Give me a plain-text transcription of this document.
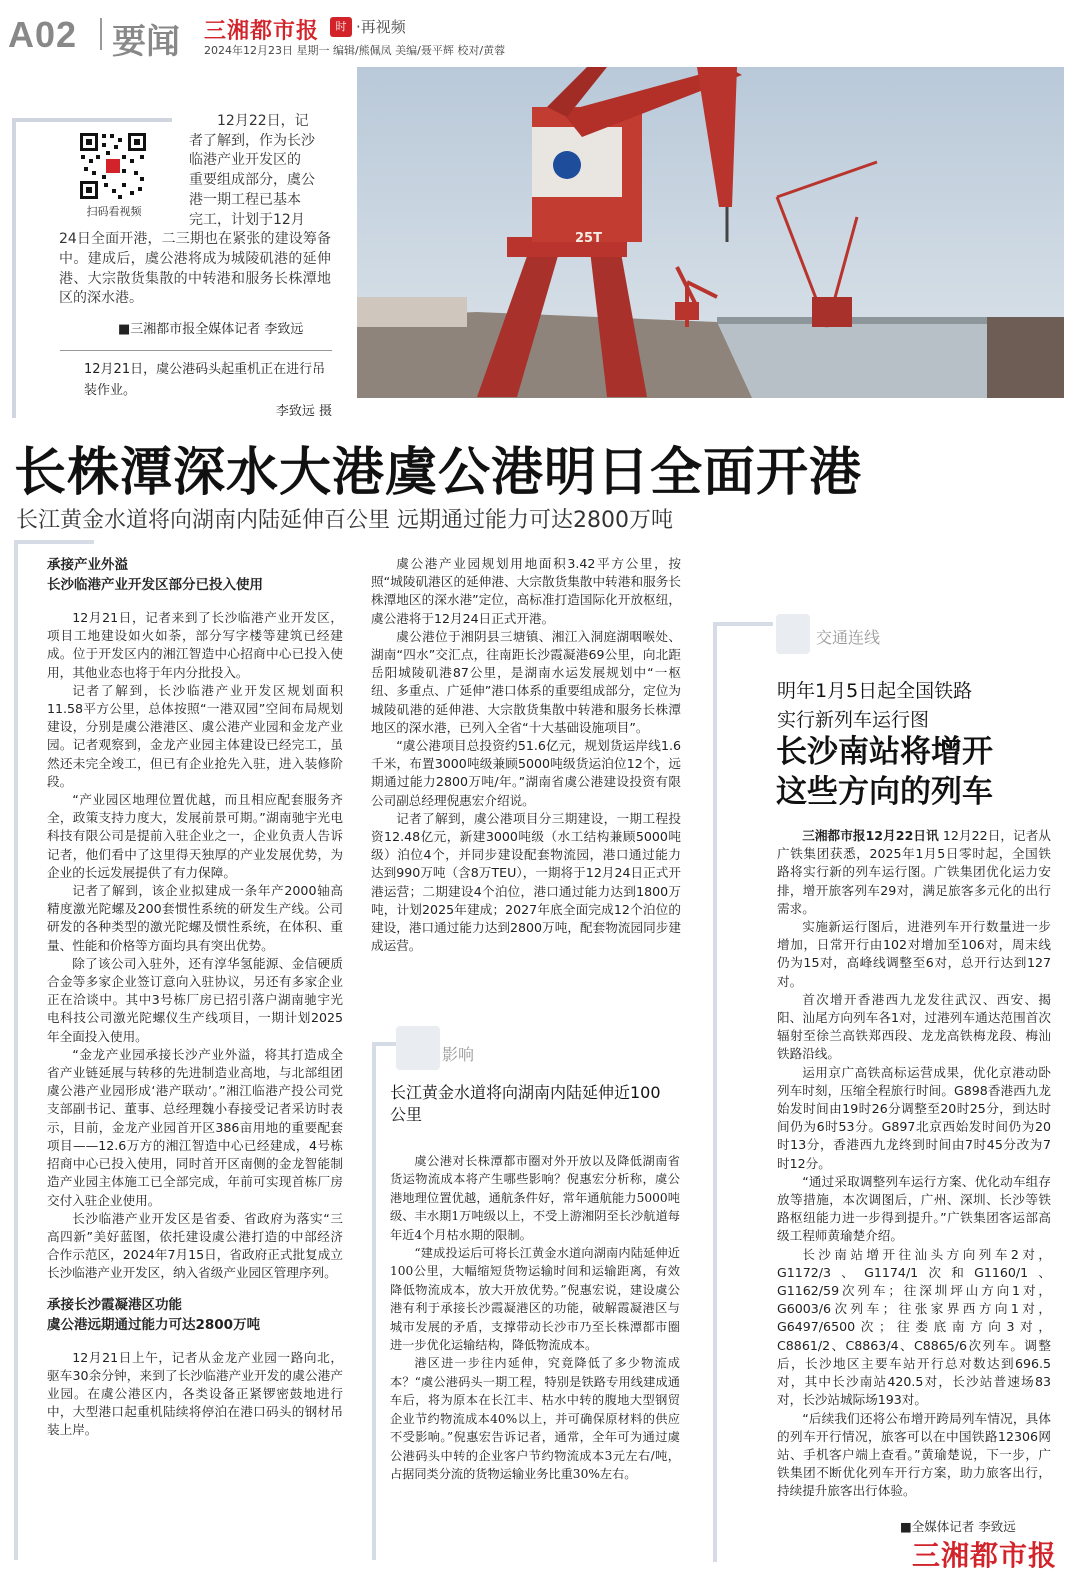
A02 要闻 三湘都市报	时 ·再视频
2024年12月23日 星期一 编辑/熊佩凤 美编/聂平辉 校对/黄蓉
25T
扫码看视频
12月22日，记
者了解到，作为长沙
临港产业开发区的
重要组成部分，虞公
港一期工程已基本
完工，计划于12月
24日全面开港，二三期也在紧张的建设筹备中。建成后，虞公港将成为城陵矶港的延伸港、大宗散货集散的中转港和服务长株潭地区的深水港。
■三湘都市报全媒体记者 李致远
12月21日，虞公港码头起重机正在进行吊装作业。
李致远 摄
长株潭深水大港虞公港明日全面开港
长江黄金水道将向湖南内陆延伸百公里 远期通过能力可达2800万吨
承接产业外溢
长沙临港产业开发区部分已投入使用

12月21日，记者来到了长沙临港产业开发区，项目工地建设如火如荼，部分写字楼等建筑已经建成。位于开发区内的湘江智造中心招商中心已投入使用，其他业态也将于年内分批投入。

记者了解到，长沙临港产业开发区规划面积11.58平方公里，总体按照“一港双园”空间布局规划建设，分别是虞公港港区、虞公港产业园和金龙产业园。记者观察到，金龙产业园主体建设已经完工，虽然还未完全竣工，但已有企业抢先入驻，进入装修阶段。

“产业园区地理位置优越，而且相应配套服务齐全，政策支持力度大，发展前景可期。”湖南驰宇光电科技有限公司是提前入驻企业之一，企业负责人告诉记者，他们看中了这里得天独厚的产业发展优势，为企业的长远发展提供了有力保障。

记者了解到，该企业拟建成一条年产2000轴高精度激光陀螺及200套惯性系统的研发生产线。公司研发的各种类型的激光陀螺及惯性系统，在体积、重量、性能和价格等方面均具有突出优势。

除了该公司入驻外，还有淳华氢能源、金信硬质合金等多家企业签订意向入驻协议，另还有多家企业正在洽谈中。其中3号栋厂房已招引落户湖南驰宇光电科技公司激光陀螺仪生产线项目，一期计划2025年全面投入使用。

“金龙产业园承接长沙产业外溢，将其打造成全省产业链延展与转移的先进制造业高地，与北部组团虞公港产业园形成‘港产联动’。”湘江临港产投公司党支部副书记、董事、总经理魏小春接受记者采访时表示，目前，金龙产业园首开区386亩用地的重要配套项目——12.6万方的湘江智造中心已经建成，4号栋招商中心已投入使用，同时首开区南侧的金龙智能制造产业园主体施工已全部完成，年前可实现首栋厂房交付入驻企业使用。

长沙临港产业开发区是省委、省政府为落实“三高四新”美好蓝图，依托建设虞公港打造的中部经济合作示范区，2024年7月15日，省政府正式批复成立长沙临港产业开发区，纳入省级产业园区管理序列。

承接长沙霞凝港区功能
虞公港远期通过能力可达2800万吨

12月21日上午，记者从金龙产业园一路向北，驱车30余分钟，来到了长沙临港产业开发的虞公港产业园。在虞公港区内，各类设备正紧锣密鼓地进行中，大型港口起重机陆续将停泊在港口码头的钢材吊装上岸。

虞公港产业园规划用地面积3.42平方公里，按照“城陵矶港区的延伸港、大宗散货集散中转港和服务长株潭地区的深水港”定位，高标准打造国际化开放枢纽，虞公港将于12月24日正式开港。

虞公港位于湘阴县三塘镇、湘江入洞庭湖咽喉处、湖南“四水”交汇点，往南距长沙霞凝港69公里，向北距岳阳城陵矶港87公里，是湖南水运发展规划中“一枢纽、多重点、广延伸”港口体系的重要组成部分，定位为城陵矶港的延伸港、大宗散货集散中转港和服务长株潭地区的深水港，已列入全省“十大基础设施项目”。

“虞公港项目总投资约51.6亿元，规划货运岸线1.6千米，布置3000吨级兼顾5000吨级货运泊位12个，远期通过能力2800万吨/年。”湖南省虞公港建设投资有限公司副总经理倪惠宏介绍说。

记者了解到，虞公港项目分三期建设，一期工程投资12.48亿元，新建3000吨级（水工结构兼顾5000吨级）泊位4个，并同步建设配套物流园，港口通过能力达到990万吨（含8万TEU），一期将于12月24日正式开港运营；二期建设4个泊位，港口通过能力达到1800万吨，计划2025年建成；2027年底全面完成12个泊位的建设，港口通过能力达到2800万吨，配套物流园同步建成运营。

影响
长江黄金水道将向湖南内陆延伸近100公里

虞公港对长株潭都市圈对外开放以及降低湖南省货运物流成本将产生哪些影响？倪惠宏分析称，虞公港地理位置优越，通航条件好，常年通航能力5000吨级、丰水期1万吨级以上，不受上游湘阴至长沙航道每年近4个月枯水期的限制。

“建成投运后可将长江黄金水道向湖南内陆延伸近100公里，大幅缩短货物运输时间和运输距离，有效降低物流成本，放大开放优势。”倪惠宏说，建设虞公港有利于承接长沙霞凝港区的功能，破解霞凝港区与城市发展的矛盾，支撑带动长沙市乃至长株潭都市圈进一步优化运输结构，降低物流成本。

港区进一步往内延伸，究竟降低了多少物流成本？“虞公港码头一期工程，特别是铁路专用线建成通车后，将为原本在长江丰、枯水中转的腹地大型钢贸企业节约物流成本40%以上，并可确保原材料的供应不受影响。”倪惠宏告诉记者，通常，全年可为通过虞公港码头中转的企业客户节约物流成本3元左右/吨，占据同类分流的货物运输业务比重30%左右。

交通连线
明年1月5日起全国铁路
实行新列车运行图
长沙南站将增开
这些方向的列车

三湘都市报12月22日讯 12月22日，记者从广铁集团获悉，2025年1月5日零时起，全国铁路将实行新的列车运行图。广铁集团优化运力安排，增开旅客列车29对，满足旅客多元化的出行需求。

实施新运行图后，进港列车开行数量进一步增加，日常开行由102对增加至106对，周末线仍为15对，高峰线调整至6对，总开行达到127对。

首次增开香港西九龙发往武汉、西安、揭阳、汕尾方向列车各1对，过港列车通达范围首次辐射至徐兰高铁郑西段、龙龙高铁梅龙段、梅汕铁路沿线。

运用京广高铁高标运营成果，优化京港动卧列车时刻，压缩全程旅行时间。G898香港西九龙始发时间由19时26分调整至20时25分，到达时间仍为6时53分。G897北京西始发时间仍为20时13分，香港西九龙终到时间由7时45分改为7时12分。

“通过采取调整列车运行方案、优化动车组存放等措施，本次调图后，广州、深圳、长沙等铁路枢纽能力进一步得到提升。”广铁集团客运部高级工程师黄瑜楚介绍。

长沙南站增开往汕头方向列车2对，G1172/3、G1174/1次和G1160/1、G1162/59次列车；往深圳坪山方向1对，G6003/6次列车；往张家界西方向1对，G6497/6500次；往娄底南方向3对，C8861/2、C8863/4、C8865/6次列车。调整后，长沙地区主要车站开行总对数达到696.5对，其中长沙南站420.5对，长沙站普速场83对，长沙站城际场193对。

“后续我们还将公布增开跨局列车情况，具体的列车开行情况，旅客可以在中国铁路12306网站、手机客户端上查看。”黄瑜楚说，下一步，广铁集团不断优化列车开行方案，助力旅客出行，持续提升旅客出行体验。

■全媒体记者 李致远
三湘都市报
